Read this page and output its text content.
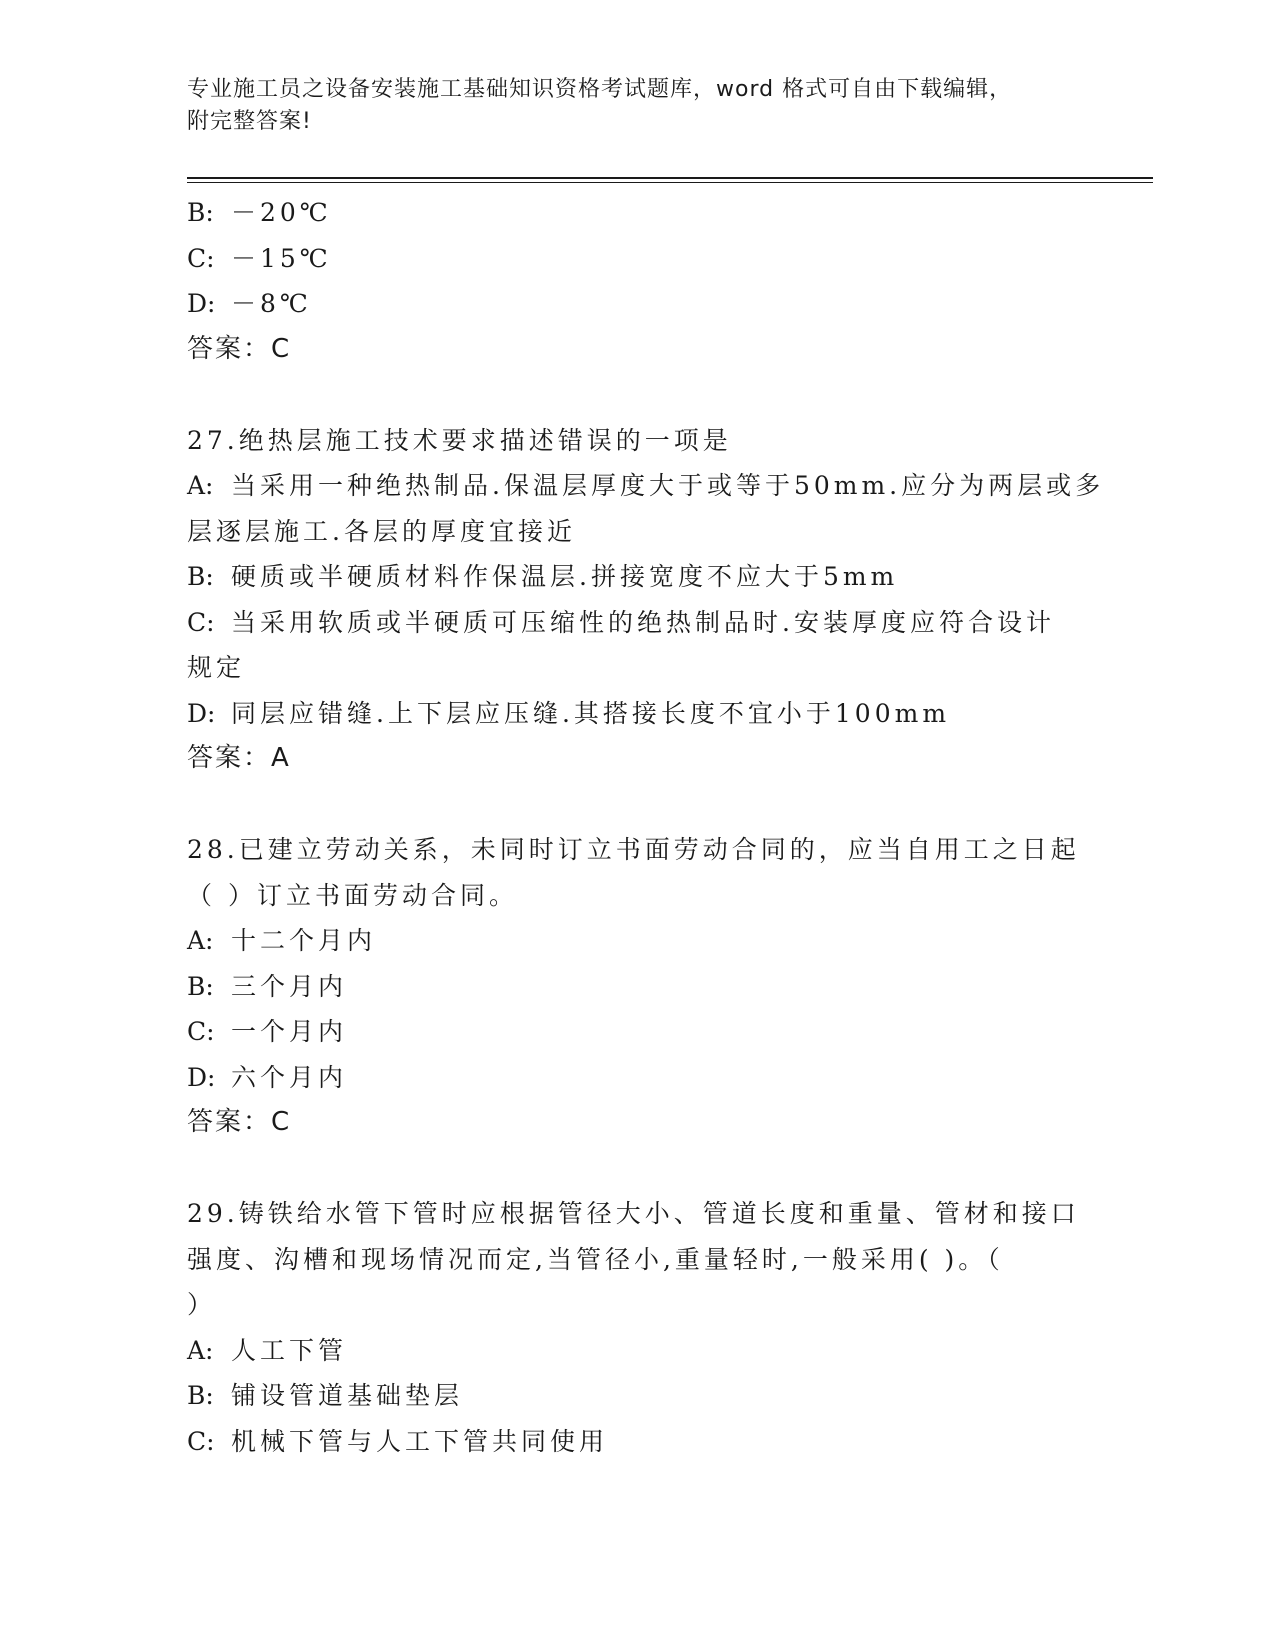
专业施工员之设备安装施工基础知识资格考试题库，word 格式可自由下载编辑，
附完整答案!
B: －20℃
C: －15℃
D: －8℃
答案：C
27.绝热层施工技术要求描述错误的一项是
A: 当采用一种绝热制品.保温层厚度大于或等于50mm.应分为两层或多
层逐层施工.各层的厚度宜接近
B: 硬质或半硬质材料作保温层.拼接宽度不应大于5mm
C: 当采用软质或半硬质可压缩性的绝热制品时.安装厚度应符合设计
规定
D: 同层应错缝.上下层应压缝.其搭接长度不宜小于100mm
答案：A
28.已建立劳动关系，未同时订立书面劳动合同的，应当自用工之日起
（ ）订立书面劳动合同。
A: 十二个月内
B: 三个月内
C: 一个月内
D: 六个月内
答案：C
29.铸铁给水管下管时应根据管径大小、管道长度和重量、管材和接口
强度、沟槽和现场情况而定,当管径小,重量轻时,一般采用( )。（
）
A: 人工下管
B: 铺设管道基础垫层
C: 机械下管与人工下管共同使用
